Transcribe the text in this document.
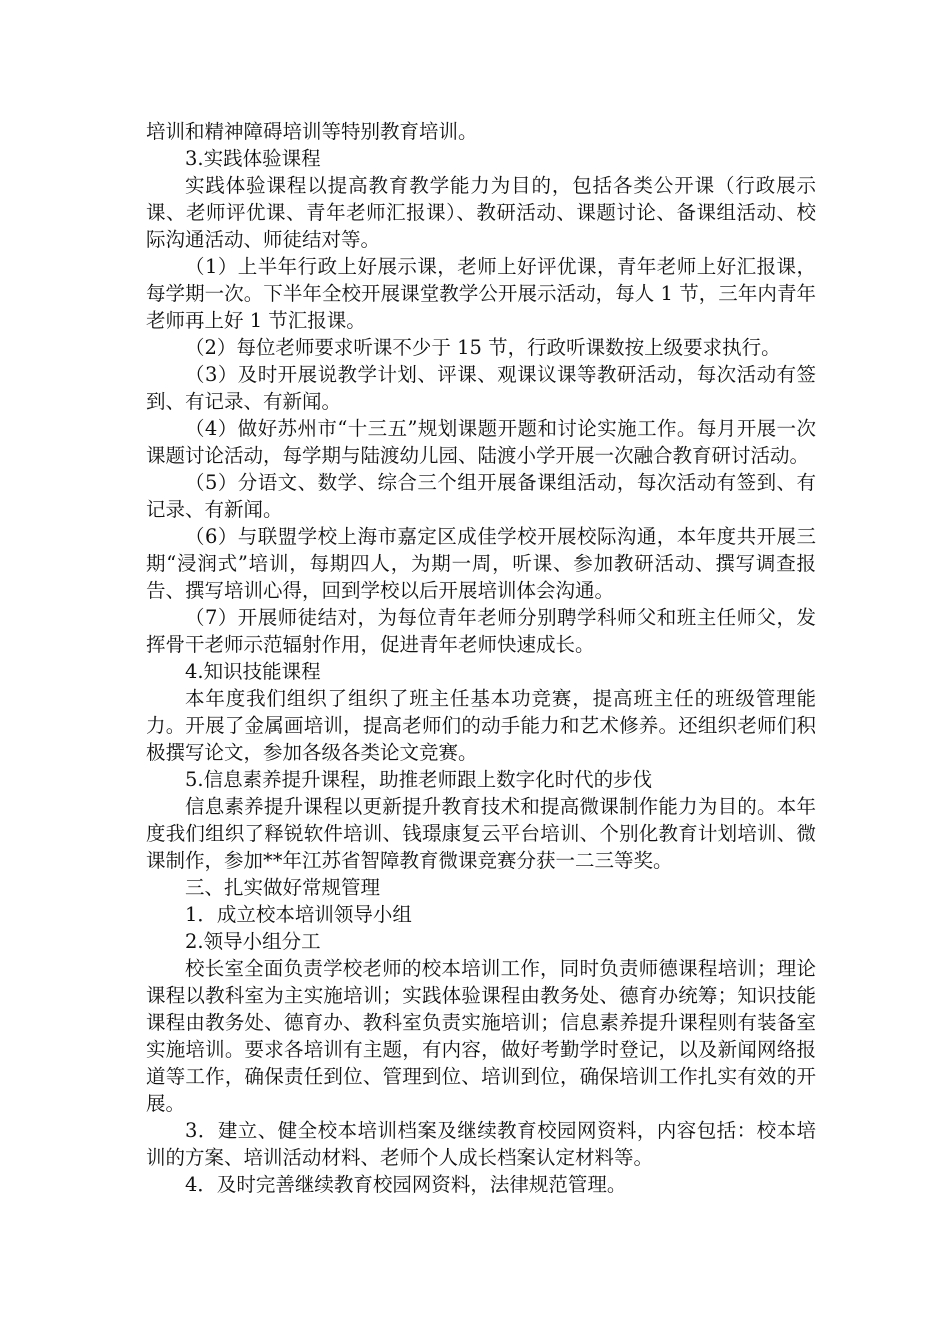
培训和精神障碍培训等特别教育培训。

3.实践体验课程

实践体验课程以提高教育教学能力为目的，包括各类公开课（行政展示课、老师评优课、青年老师汇报课）、教研活动、课题讨论、备课组活动、校际沟通活动、师徒结对等。

（1）上半年行政上好展示课，老师上好评优课，青年老师上好汇报课，每学期一次。下半年全校开展课堂教学公开展示活动，每人 1 节，三年内青年老师再上好 1 节汇报课。

（2）每位老师要求听课不少于 15 节，行政听课数按上级要求执行。

（3）及时开展说教学计划、评课、观课议课等教研活动，每次活动有签到、有记录、有新闻。

（4）做好苏州市“十三五”规划课题开题和讨论实施工作。每月开展一次课题讨论活动，每学期与陆渡幼儿园、陆渡小学开展一次融合教育研讨活动。

（5）分语文、数学、综合三个组开展备课组活动，每次活动有签到、有记录、有新闻。

（6）与联盟学校上海市嘉定区成佳学校开展校际沟通，本年度共开展三期“浸润式”培训，每期四人，为期一周，听课、参加教研活动、撰写调查报告、撰写培训心得，回到学校以后开展培训体会沟通。

（7）开展师徒结对，为每位青年老师分别聘学科师父和班主任师父，发挥骨干老师示范辐射作用，促进青年老师快速成长。

4.知识技能课程

本年度我们组织了组织了班主任基本功竞赛，提高班主任的班级管理能力。开展了金属画培训，提高老师们的动手能力和艺术修养。还组织老师们积极撰写论文，参加各级各类论文竞赛。

5.信息素养提升课程，助推老师跟上数字化时代的步伐

信息素养提升课程以更新提升教育技术和提高微课制作能力为目的。本年度我们组织了释锐软件培训、钱璟康复云平台培训、个别化教育计划培训、微课制作，参加**年江苏省智障教育微课竞赛分获一二三等奖。

三、扎实做好常规管理

1．成立校本培训领导小组

2.领导小组分工

校长室全面负责学校老师的校本培训工作，同时负责师德课程培训；理论课程以教科室为主实施培训；实践体验课程由教务处、德育办统筹；知识技能课程由教务处、德育办、教科室负责实施培训；信息素养提升课程则有装备室实施培训。要求各培训有主题，有内容，做好考勤学时登记，以及新闻网络报道等工作，确保责任到位、管理到位、培训到位，确保培训工作扎实有效的开展。

3．建立、健全校本培训档案及继续教育校园网资料，内容包括：校本培训的方案、培训活动材料、老师个人成长档案认定材料等。

4．及时完善继续教育校园网资料，法律规范管理。
